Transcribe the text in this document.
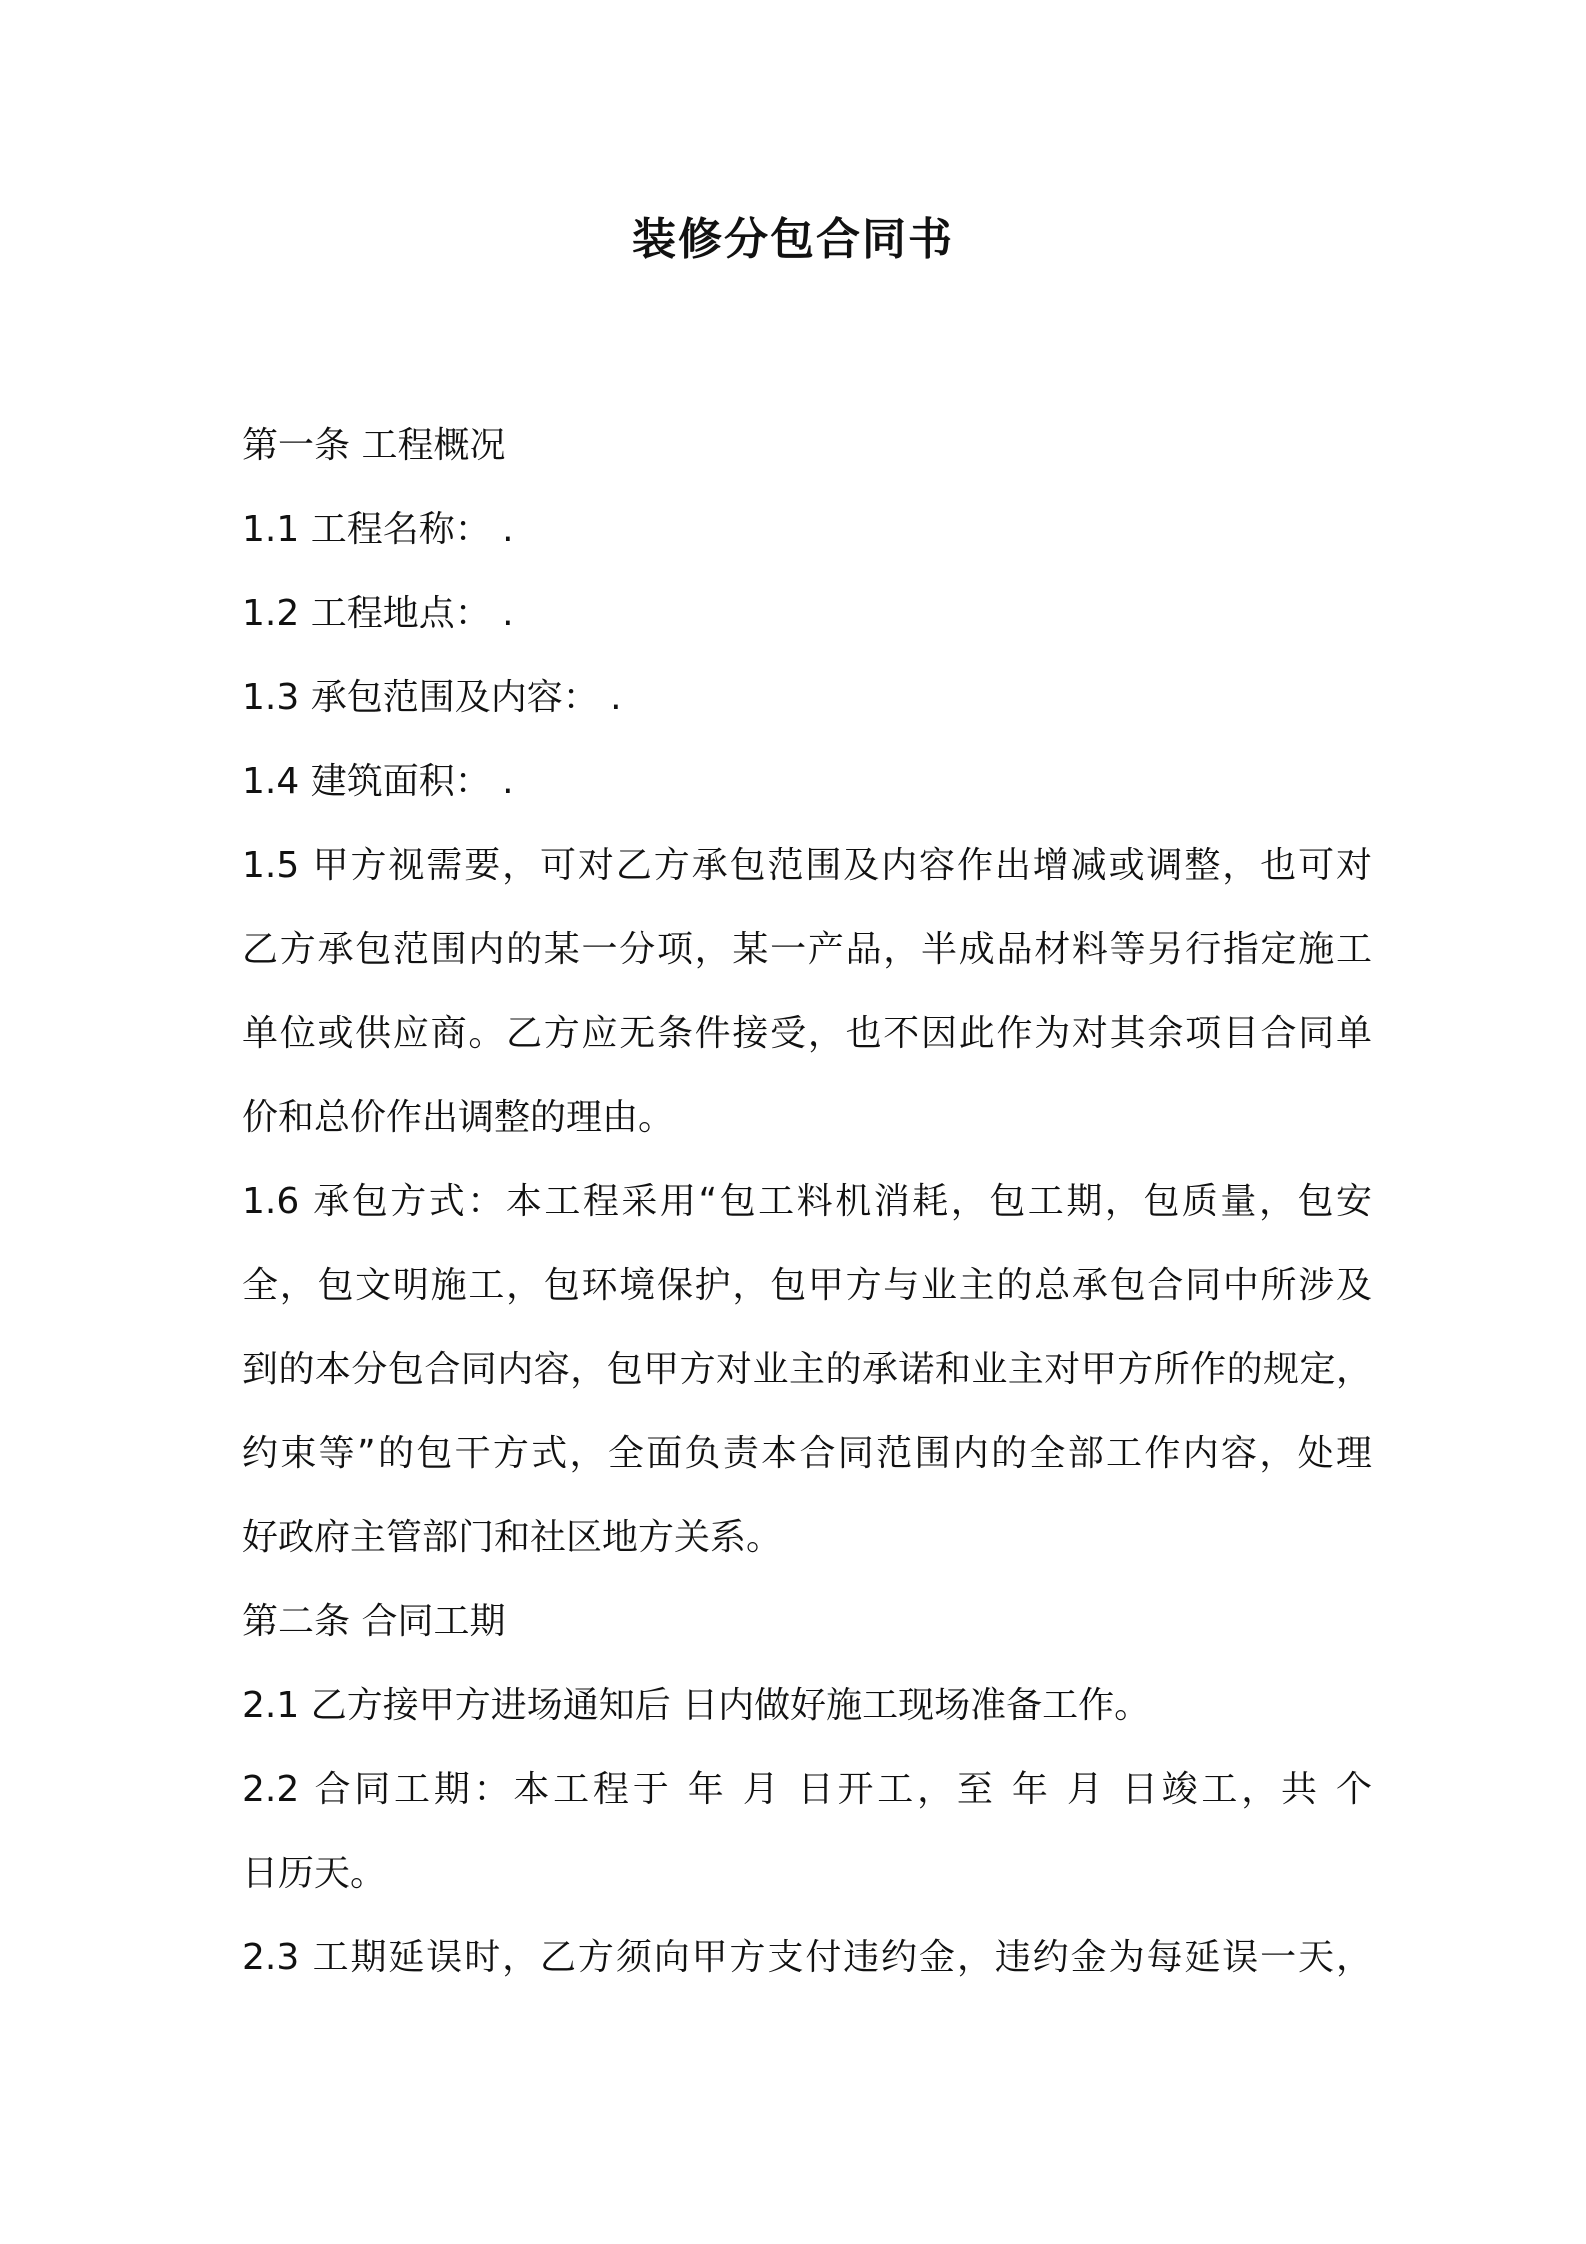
装修分包合同书

第一条 工程概况

1.1 工程名称： .

1.2 工程地点： .

1.3 承包范围及内容： .

1.4 建筑面积： .

1.5 甲方视需要，可对乙方承包范围及内容作出增减或调整，也可对

乙方承包范围内的某一分项，某一产品，半成品材料等另行指定施工

单位或供应商。乙方应无条件接受，也不因此作为对其余项目合同单

价和总价作出调整的理由。

1.6 承包方式：本工程采用“包工料机消耗，包工期，包质量，包安

全，包文明施工，包环境保护，包甲方与业主的总承包合同中所涉及

到的本分包合同内容，包甲方对业主的承诺和业主对甲方所作的规定，

约束等”的包干方式，全面负责本合同范围内的全部工作内容，处理

好政府主管部门和社区地方关系。

第二条 合同工期

2.1 乙方接甲方进场通知后 日内做好施工现场准备工作。

2.2 合同工期：本工程于 年 月 日开工，至 年 月 日竣工，共 个

日历天。

2.3 工期延误时，乙方须向甲方支付违约金，违约金为每延误一天，
